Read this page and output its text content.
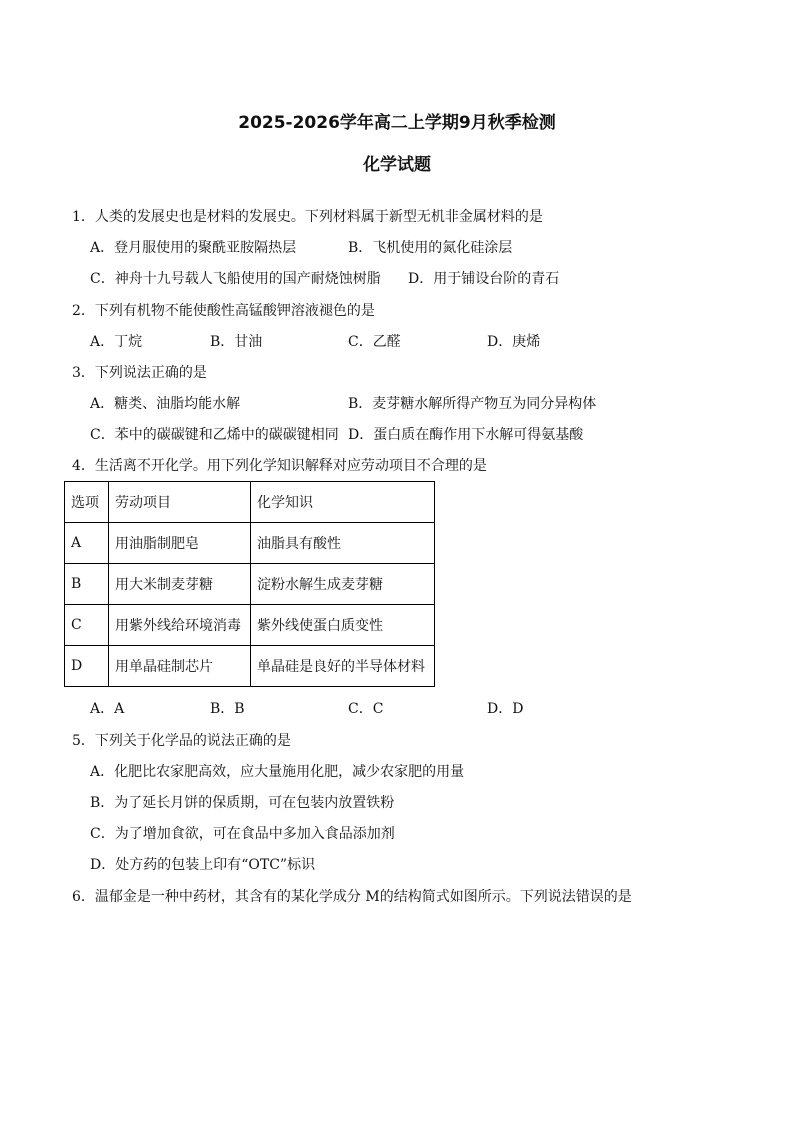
2025-2026学年高二上学期9月秋季检测
化学试题
1．人类的发展史也是材料的发展史。下列材料属于新型无机非金属材料的是
A．登月服使用的聚酰亚胺隔热层	B．飞机使用的氮化硅涂层
C．神舟十九号载人飞船使用的国产耐烧蚀树脂 D．用于铺设台阶的青石
2．下列有机物不能使酸性高锰酸钾溶液褪色的是
A．丁烷	B．甘油	C．乙醛	D．庚烯
3．下列说法正确的是
A．糖类、油脂均能水解	B．麦芽糖水解所得产物互为同分异构体
C．苯中的碳碳键和乙烯中的碳碳键相同 D．蛋白质在酶作用下水解可得氨基酸
4．生活离不开化学。用下列化学知识解释对应劳动项目不合理的是
选项	劳动项目	化学知识
A	用油脂制肥皂	油脂具有酸性
B	用大米制麦芽糖	淀粉水解生成麦芽糖
C	用紫外线给环境消毒	紫外线使蛋白质变性
D	用单晶硅制芯片	单晶硅是良好的半导体材料
A．A	B．B	C．C	D．D
5．下列关于化学品的说法正确的是
A．化肥比农家肥高效，应大量施用化肥，减少农家肥的用量
B．为了延长月饼的保质期，可在包装内放置铁粉
C．为了增加食欲，可在食品中多加入食品添加剂
D．处方药的包装上印有“OTC”标识
6．温郁金是一种中药材，其含有的某化学成分 M的结构简式如图所示。下列说法错误的是
